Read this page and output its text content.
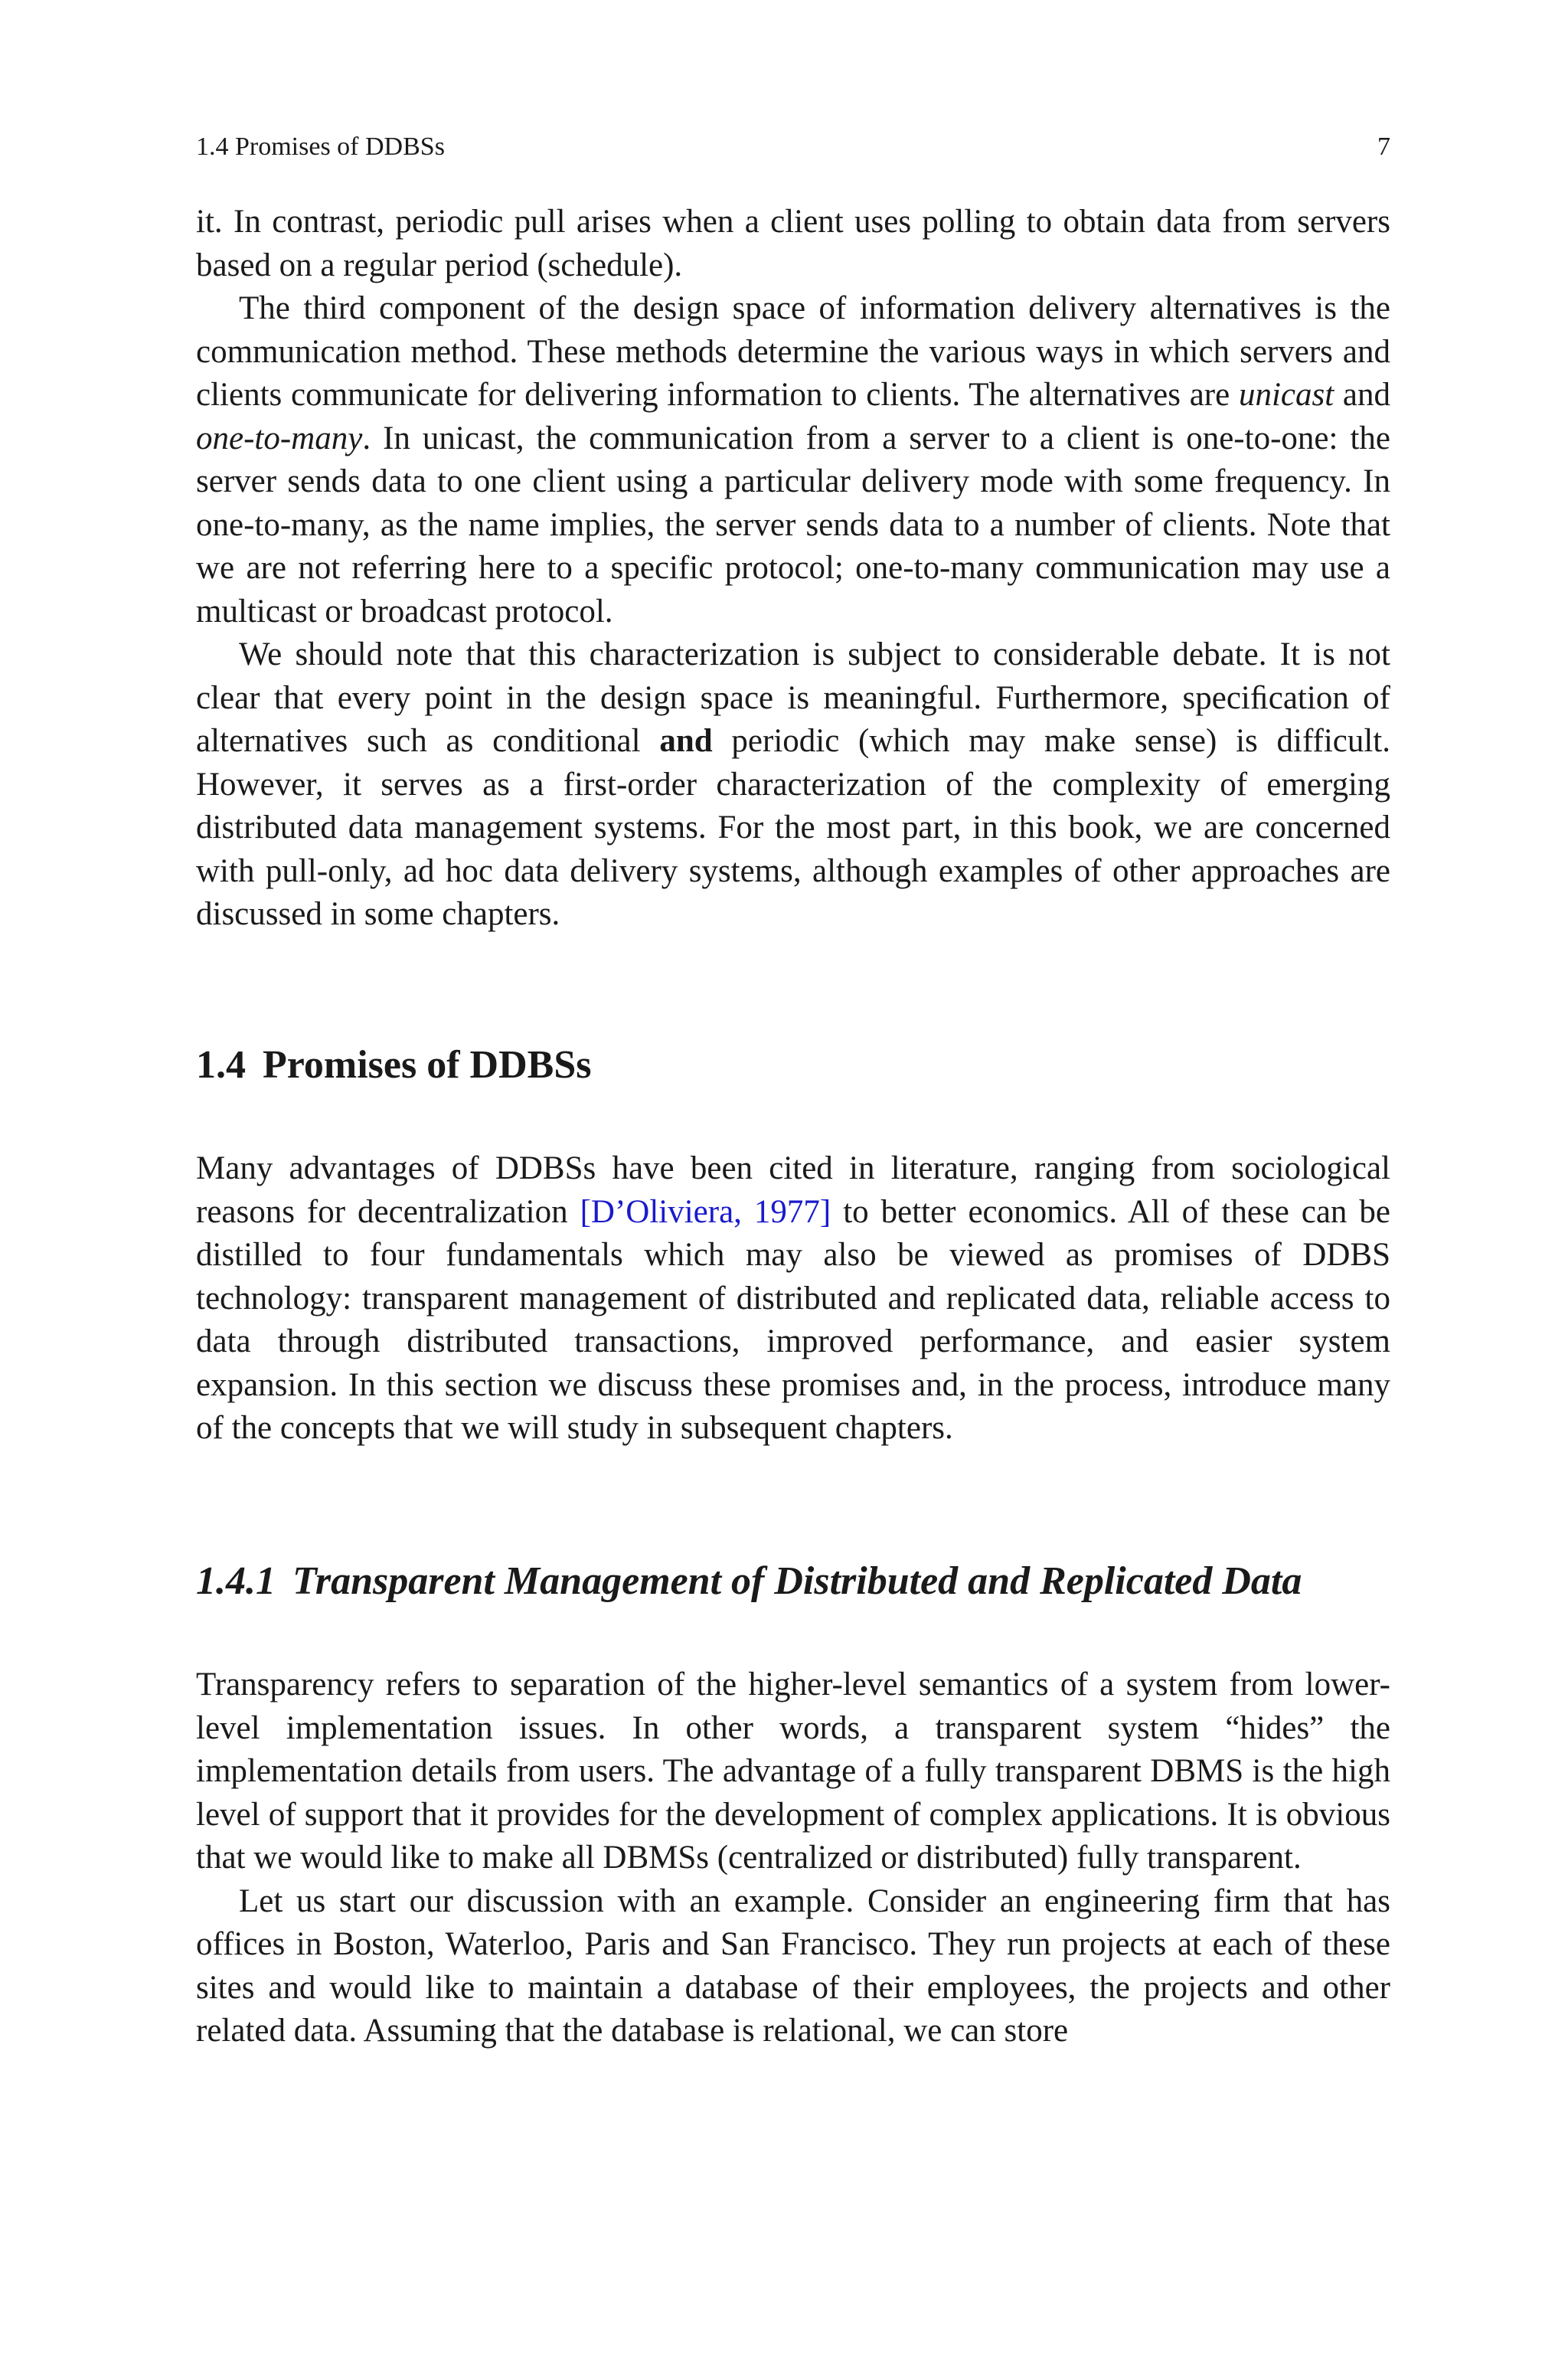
1.4 Promises of DDBSs	7

it. In contrast, periodic pull arises when a client uses polling to obtain data from servers based on a regular period (schedule).

The third component of the design space of information delivery alternatives is the communication method. These methods determine the various ways in which servers and clients communicate for delivering information to clients. The alternatives are unicast and one-to-many. In unicast, the communication from a server to a client is one-to-one: the server sends data to one client using a particular delivery mode with some frequency. In one-to-many, as the name implies, the server sends data to a number of clients. Note that we are not referring here to a specific protocol; one-to-many communication may use a multicast or broadcast protocol.

We should note that this characterization is subject to considerable debate. It is not clear that every point in the design space is meaningful. Furthermore, speciﬁcation of alternatives such as conditional and periodic (which may make sense) is difficult. However, it serves as a first-order characterization of the complexity of emerging distributed data management systems. For the most part, in this book, we are concerned with pull-only, ad hoc data delivery systems, although examples of other approaches are discussed in some chapters.

1.4 Promises of DDBSs

Many advantages of DDBSs have been cited in literature, ranging from sociological reasons for decentralization [D’Oliviera, 1977] to better economics. All of these can be distilled to four fundamentals which may also be viewed as promises of DDBS technology: transparent management of distributed and replicated data, reliable access to data through distributed transactions, improved performance, and easier system expansion. In this section we discuss these promises and, in the process, introduce many of the concepts that we will study in subsequent chapters.

1.4.1 Transparent Management of Distributed and Replicated Data

Transparency refers to separation of the higher-level semantics of a system from lower-level implementation issues. In other words, a transparent system “hides” the implementation details from users. The advantage of a fully transparent DBMS is the high level of support that it provides for the development of complex applications. It is obvious that we would like to make all DBMSs (centralized or distributed) fully transparent.

Let us start our discussion with an example. Consider an engineering firm that has offices in Boston, Waterloo, Paris and San Francisco. They run projects at each of these sites and would like to maintain a database of their employees, the projects and other related data. Assuming that the database is relational, we can store
